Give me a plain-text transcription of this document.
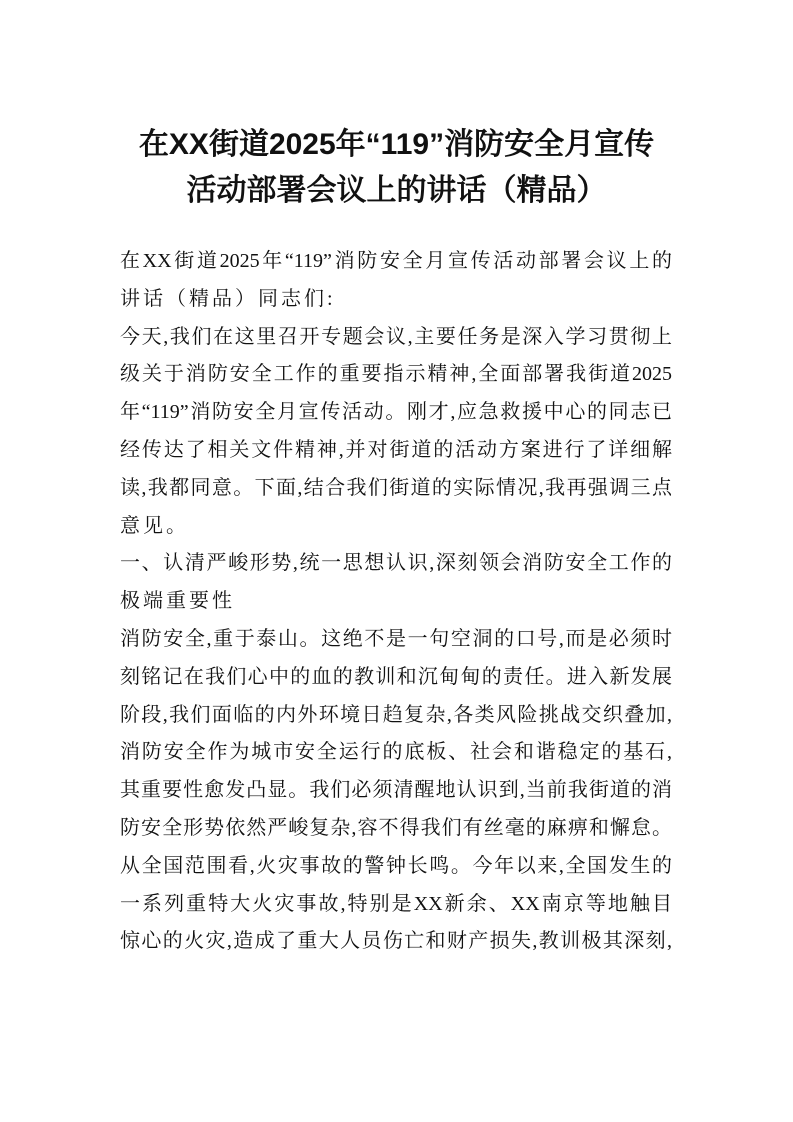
在XX街道2025年“119”消防安全月宣传
活动部署会议上的讲话（精品）
在XX街道2025年“119”消防安全月宣传活动部署会议上的
讲话（精品）同志们:
今天,我们在这里召开专题会议,主要任务是深入学习贯彻上
级关于消防安全工作的重要指示精神,全面部署我街道2025
年“119”消防安全月宣传活动。刚才,应急救援中心的同志已
经传达了相关文件精神,并对街道的活动方案进行了详细解
读,我都同意。下面,结合我们街道的实际情况,我再强调三点
意见。
一、认清严峻形势,统一思想认识,深刻领会消防安全工作的
极端重要性
消防安全,重于泰山。这绝不是一句空洞的口号,而是必须时
刻铭记在我们心中的血的教训和沉甸甸的责任。进入新发展
阶段,我们面临的内外环境日趋复杂,各类风险挑战交织叠加,
消防安全作为城市安全运行的底板、社会和谐稳定的基石,
其重要性愈发凸显。我们必须清醒地认识到,当前我街道的消
防安全形势依然严峻复杂,容不得我们有丝毫的麻痹和懈怠。
从全国范围看,火灾事故的警钟长鸣。今年以来,全国发生的
一系列重特大火灾事故,特别是XX新余、XX南京等地触目
惊心的火灾,造成了重大人员伤亡和财产损失,教训极其深刻,
